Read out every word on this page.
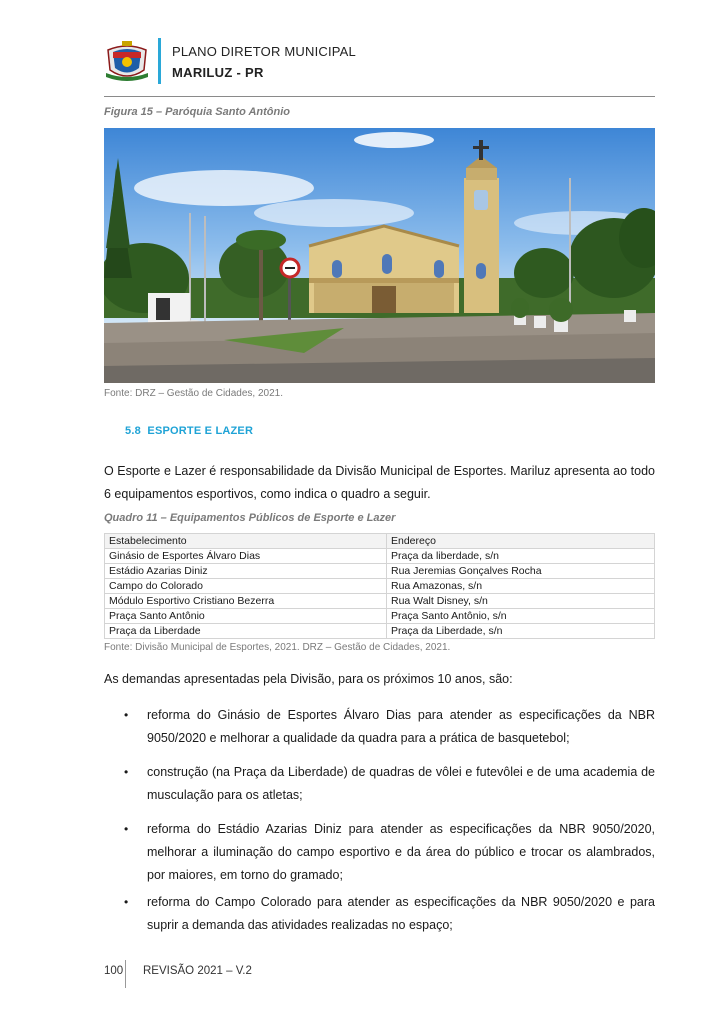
PLANO DIRETOR MUNICIPAL
MARILUZ - PR
Figura 15 – Paróquia Santo Antônio
Fonte: DRZ – Gestão de Cidades, 2021.
5.8 ESPORTE E LAZER
O Esporte e Lazer é responsabilidade da Divisão Municipal de Esportes. Mariluz apresenta ao todo 6 equipamentos esportivos, como indica o quadro a seguir.
Quadro 11 – Equipamentos Públicos de Esporte e Lazer
Estabelecimento	Endereço
Ginásio de Esportes Álvaro Dias	Praça da liberdade, s/n
Estádio Azarias Diniz	Rua Jeremias Gonçalves Rocha
Campo do Colorado	Rua Amazonas, s/n
Módulo Esportivo Cristiano Bezerra	Rua Walt Disney, s/n
Praça Santo Antônio	Praça Santo Antônio, s/n
Praça da Liberdade	Praça da Liberdade, s/n
Fonte: Divisão Municipal de Esportes, 2021. DRZ – Gestão de Cidades, 2021.
As demandas apresentadas pela Divisão, para os próximos 10 anos, são:
• reforma do Ginásio de Esportes Álvaro Dias para atender as especificações da NBR 9050/2020 e melhorar a qualidade da quadra para a prática de basquetebol;
• construção (na Praça da Liberdade) de quadras de vôlei e futevôlei e de uma academia de musculação para os atletas;
• reforma do Estádio Azarias Diniz para atender as especificações da NBR 9050/2020, melhorar a iluminação do campo esportivo e da área do público e trocar os alambrados, por maiores, em torno do gramado;
• reforma do Campo Colorado para atender as especificações da NBR 9050/2020 e para suprir a demanda das atividades realizadas no espaço;
100 REVISÃO 2021 – V.2
